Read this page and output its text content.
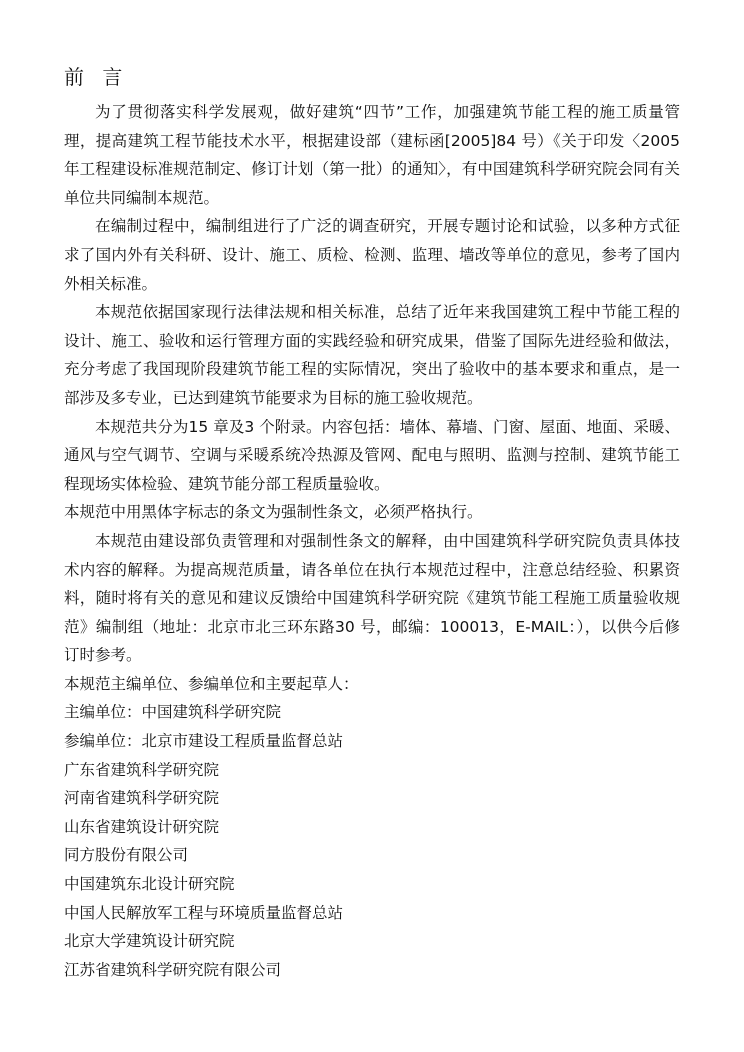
前 言

为了贯彻落实科学发展观，做好建筑“四节”工作，加强建筑节能工程的施工质量管理，提高建筑工程节能技术水平，根据建设部（建标函[2005]84 号）《关于印发〈2005 年工程建设标准规范制定、修订计划（第一批）的通知〉，有中国建筑科学研究院会同有关单位共同编制本规范。

在编制过程中，编制组进行了广泛的调查研究，开展专题讨论和试验，以多种方式征求了国内外有关科研、设计、施工、质检、检测、监理、墙改等单位的意见，参考了国内外相关标准。

本规范依据国家现行法律法规和相关标准，总结了近年来我国建筑工程中节能工程的设计、施工、验收和运行管理方面的实践经验和研究成果，借鉴了国际先进经验和做法，充分考虑了我国现阶段建筑节能工程的实际情况，突出了验收中的基本要求和重点，是一部涉及多专业，已达到建筑节能要求为目标的施工验收规范。

本规范共分为15 章及3 个附录。内容包括：墙体、幕墙、门窗、屋面、地面、采暖、通风与空气调节、空调与采暖系统冷热源及管网、配电与照明、监测与控制、建筑节能工程现场实体检验、建筑节能分部工程质量验收。

本规范中用黑体字标志的条文为强制性条文，必须严格执行。

本规范由建设部负责管理和对强制性条文的解释，由中国建筑科学研究院负责具体技术内容的解释。为提高规范质量，请各单位在执行本规范过程中，注意总结经验、积累资料，随时将有关的意见和建议反馈给中国建筑科学研究院《建筑节能工程施工质量验收规范》编制组（地址：北京市北三环东路30 号，邮编：100013，E-MAIL：），以供今后修订时参考。

本规范主编单位、参编单位和主要起草人：

主编单位：中国建筑科学研究院

参编单位：北京市建设工程质量监督总站

广东省建筑科学研究院

河南省建筑科学研究院

山东省建筑设计研究院

同方股份有限公司

中国建筑东北设计研究院

中国人民解放军工程与环境质量监督总站

北京大学建筑设计研究院

江苏省建筑科学研究院有限公司
